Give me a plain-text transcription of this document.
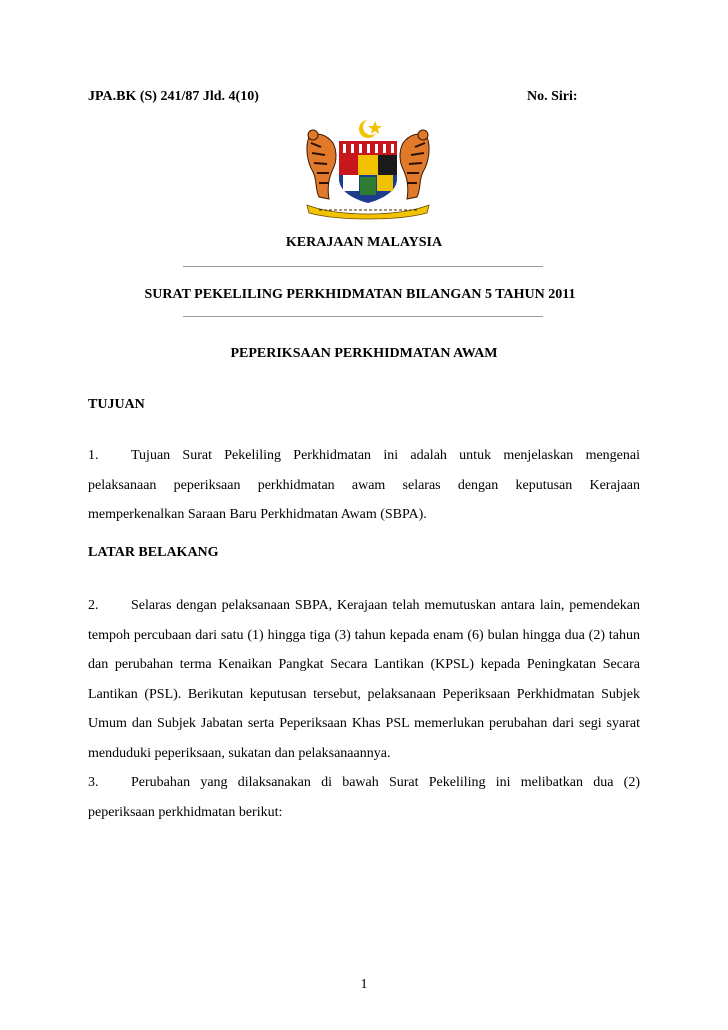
JPA.BK (S) 241/87 Jld. 4(10)	No. Siri:
KERAJAAN MALAYSIA
SURAT PEKELILING PERKHIDMATAN BILANGAN 5 TAHUN 2011
PEPERIKSAAN PERKHIDMATAN AWAM
TUJUAN
1. Tujuan Surat Pekeliling Perkhidmatan ini adalah untuk menjelaskan mengenai pelaksanaan peperiksaan perkhidmatan awam selaras dengan keputusan Kerajaan memperkenalkan Saraan Baru Perkhidmatan Awam (SBPA).
LATAR BELAKANG
2. Selaras dengan pelaksanaan SBPA, Kerajaan telah memutuskan antara lain, pemendekan tempoh percubaan dari satu (1) hingga tiga (3) tahun kepada enam (6) bulan hingga dua (2) tahun dan perubahan terma Kenaikan Pangkat Secara Lantikan (KPSL) kepada Peningkatan Secara Lantikan (PSL). Berikutan keputusan tersebut, pelaksanaan Peperiksaan Perkhidmatan Subjek Umum dan Subjek Jabatan serta Peperiksaan Khas PSL memerlukan perubahan dari segi syarat menduduki peperiksaan, sukatan dan pelaksanaannya.
3. Perubahan yang dilaksanakan di bawah Surat Pekeliling ini melibatkan dua (2) peperiksaan perkhidmatan berikut:
1
